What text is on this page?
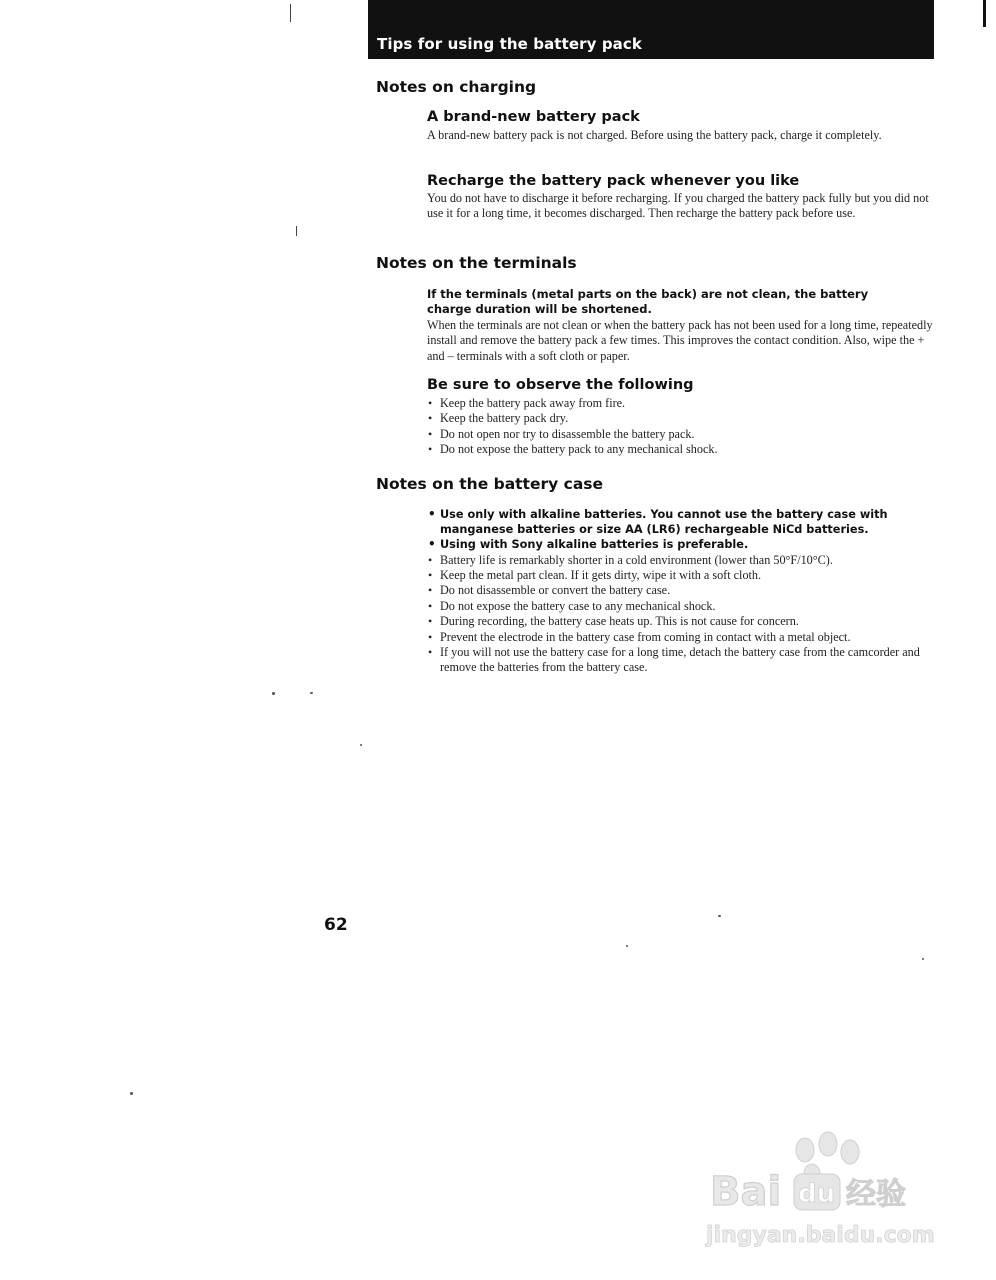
Tips for using the battery pack
Notes on charging
A brand-new battery pack

A brand-new battery pack is not charged. Before using the battery pack, charge it completely.

Recharge the battery pack whenever you like

You do not have to discharge it before recharging. If you charged the battery pack fully but you did not use it for a long time, it becomes discharged. Then recharge the battery pack before use.

Notes on the terminals

If the terminals (metal parts on the back) are not clean, the battery charge duration will be shortened.

When the terminals are not clean or when the battery pack has not been used for a long time, repeatedly install and remove the battery pack a few times. This improves the contact condition. Also, wipe the + and – terminals with a soft cloth or paper.

Be sure to observe the following
• Keep the battery pack away from fire.
• Keep the battery pack dry.
• Do not open nor try to disassemble the battery pack.
• Do not expose the battery pack to any mechanical shock.
Notes on the battery case
• Use only with alkaline batteries. You cannot use the battery case with manganese batteries or size AA (LR6) rechargeable NiCd batteries.
• Using with Sony alkaline batteries is preferable.
• Battery life is remarkably shorter in a cold environment (lower than 50°F/10°C).
• Keep the metal part clean. If it gets dirty, wipe it with a soft cloth.
• Do not disassemble or convert the battery case.
• Do not expose the battery case to any mechanical shock.
• During recording, the battery case heats up. This is not cause for concern.
• Prevent the electrode in the battery case from coming in contact with a metal object.
• If you will not use the battery case for a long time, detach the battery case from the camcorder and remove the batteries from the battery case.
62
Bai du 经验
jingyan.baidu.com
